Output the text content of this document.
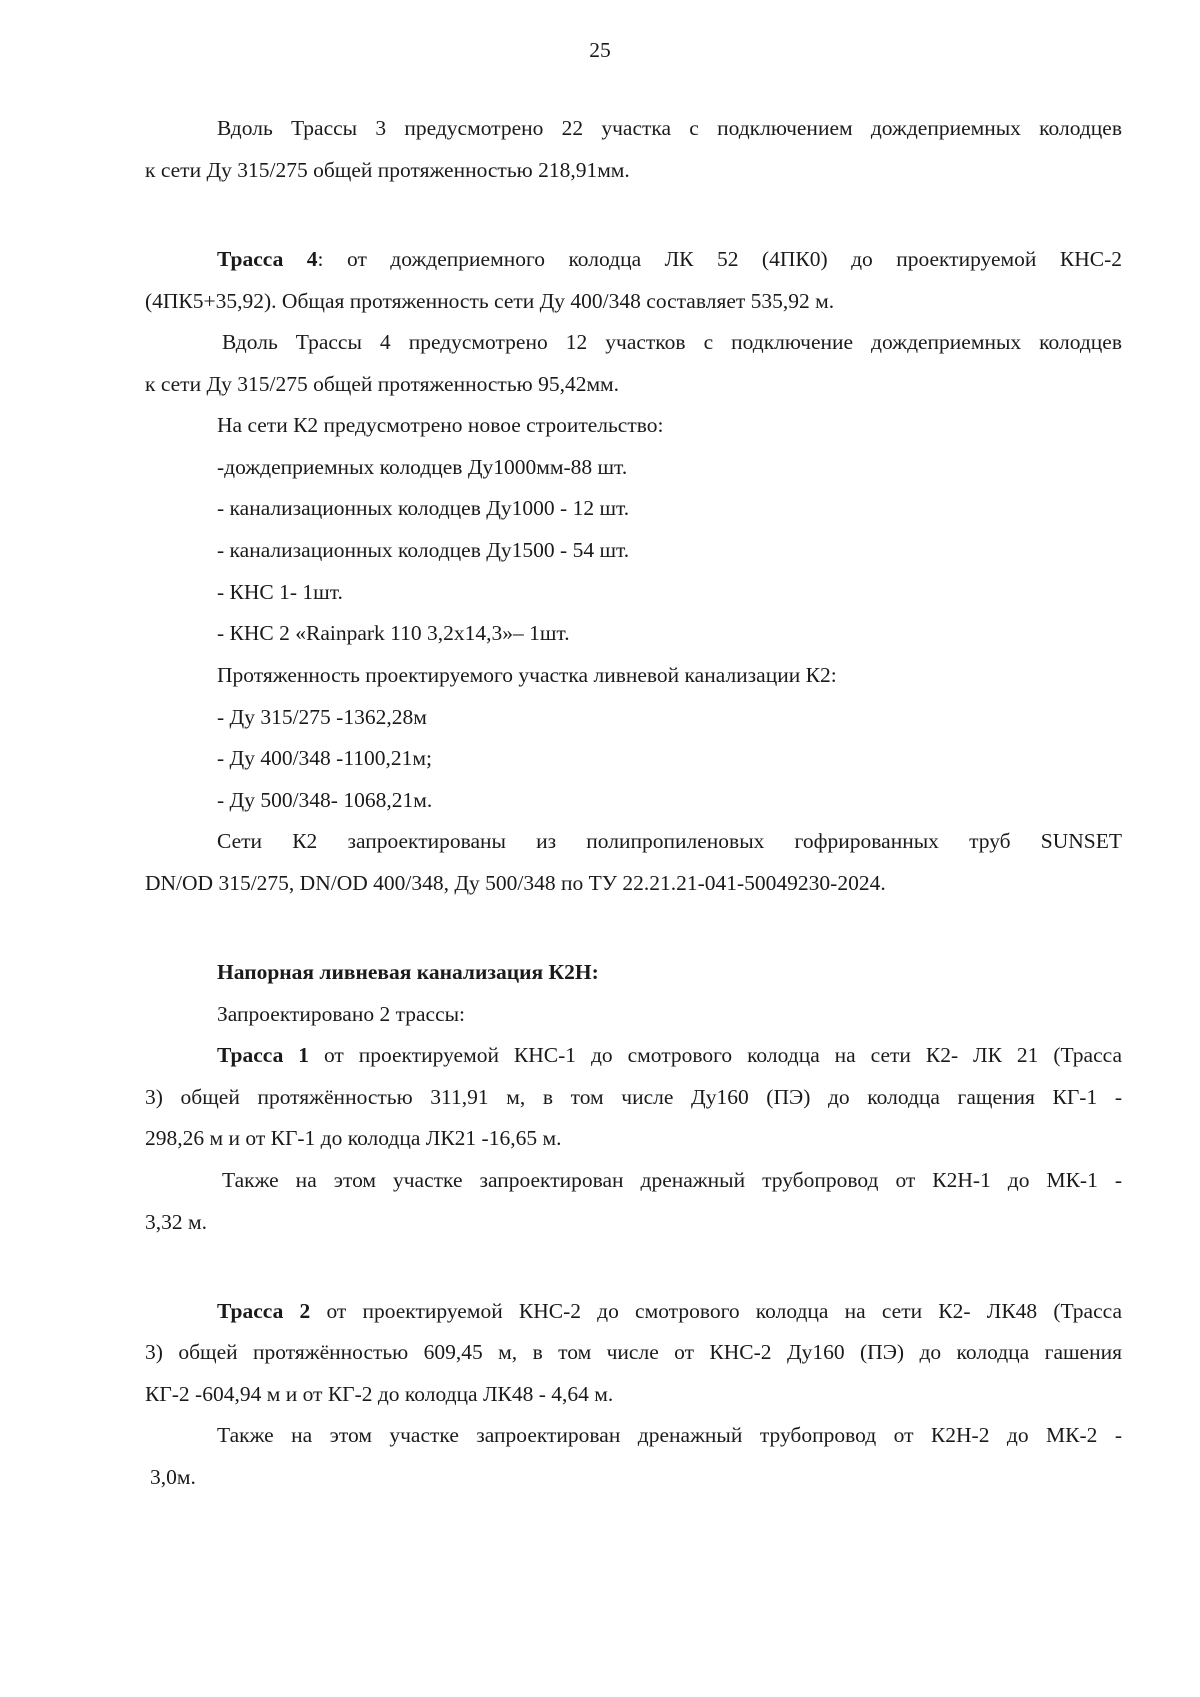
25
Вдоль Трассы 3 предусмотрено 22 участка с подключением дождеприемных колодцев
к сети Ду 315/275 общей протяженностью 218,91мм.
Трасса 4: от дождеприемного колодца ЛК 52 (4ПК0) до проектируемой КНС-2
(4ПК5+35,92). Общая протяженность сети Ду 400/348 составляет 535,92 м.
Вдоль Трассы 4 предусмотрено 12 участков с подключение дождеприемных колодцев
к сети Ду 315/275 общей протяженностью 95,42мм.
На сети К2 предусмотрено новое строительство:
-дождеприемных колодцев Ду1000мм-88 шт.
- канализационных колодцев Ду1000 - 12 шт.
- канализационных колодцев Ду1500 - 54 шт.
- КНС 1- 1шт.
- КНС 2 «Rainpark 110 3,2х14,3»– 1шт.
Протяженность проектируемого участка ливневой канализации К2:
- Ду 315/275 -1362,28м
- Ду 400/348 -1100,21м;
- Ду 500/348- 1068,21м.
Сети К2 запроектированы из полипропиленовых гофрированных труб SUNSET
DN/OD 315/275, DN/OD 400/348, Ду 500/348 по ТУ 22.21.21-041-50049230-2024.
Напорная ливневая канализация К2Н:
Запроектировано 2 трассы:
Трасса 1 от проектируемой КНС-1 до смотрового колодца на сети К2- ЛК 21 (Трасса
3) общей протяжённостью 311,91 м, в том числе Ду160 (ПЭ) до колодца гащения КГ-1 -
298,26 м и от КГ-1 до колодца ЛК21 -16,65 м.
Также на этом участке запроектирован дренажный трубопровод от К2Н-1 до МК-1 -
3,32 м.
Трасса 2 от проектируемой КНС-2 до смотрового колодца на сети К2- ЛК48 (Трасса
3) общей протяжённостью 609,45 м, в том числе от КНС-2 Ду160 (ПЭ) до колодца гашения
КГ-2 -604,94 м и от КГ-2 до колодца ЛК48 - 4,64 м.
Также на этом участке запроектирован дренажный трубопровод от К2Н-2 до МК-2 -
3,0м.
